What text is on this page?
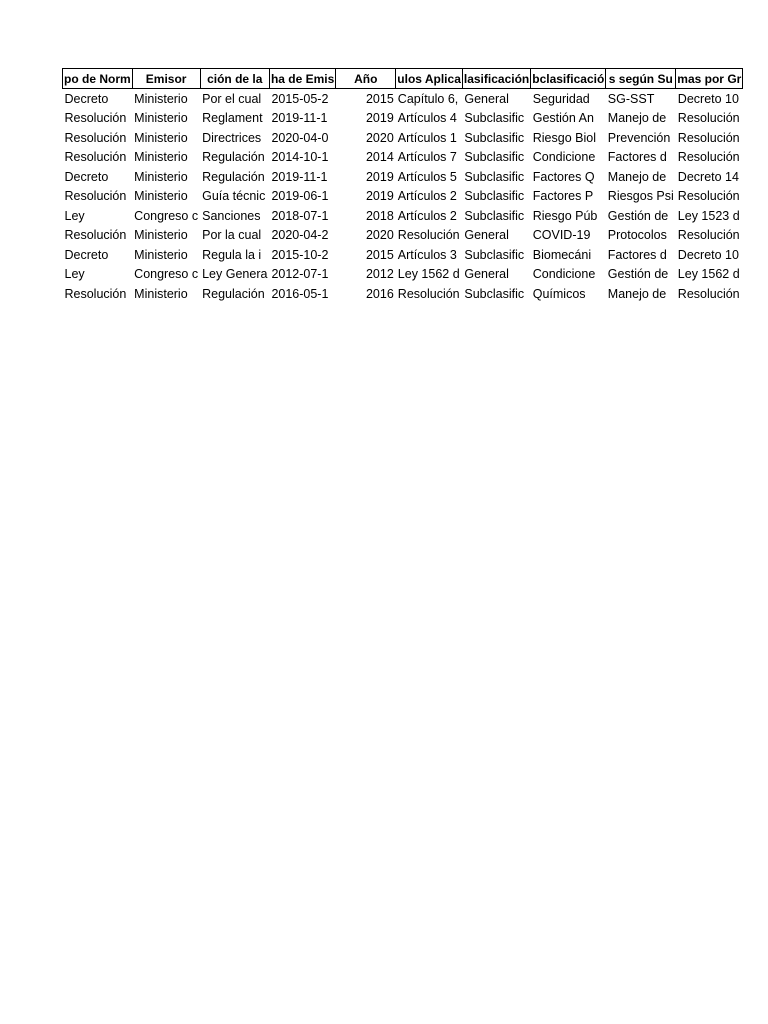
po de Norm	Emisor	ción de la	ha de Emis	Año	ulos Aplica	lasificación	bclasificació	s según Su	mas por Gr
Decreto	Ministerio	Por el cual	2015-05-2	2015	Capítulo 6,	General	Seguridad	SG-SST	Decreto 10
Resolución	Ministerio	Reglament	2019-11-1	2019	Artículos 4	Subclasific	Gestión An	Manejo de	Resolución
Resolución	Ministerio	Directrices	2020-04-0	2020	Artículos 1	Subclasific	Riesgo Biol	Prevención	Resolución
Resolución	Ministerio	Regulación	2014-10-1	2014	Artículos 7	Subclasific	Condicione	Factores d	Resolución
Decreto	Ministerio	Regulación	2019-11-1	2019	Artículos 5	Subclasific	Factores Q	Manejo de	Decreto 14
Resolución	Ministerio	Guía técnic	2019-06-1	2019	Artículos 2	Subclasific	Factores P	Riesgos Psi	Resolución
Ley	Congreso c	Sanciones	2018-07-1	2018	Artículos 2	Subclasific	Riesgo Púb	Gestión de	Ley 1523 d
Resolución	Ministerio	Por la cual	2020-04-2	2020	Resolución	General	COVID-19	Protocolos	Resolución
Decreto	Ministerio	Regula la i	2015-10-2	2015	Artículos 3	Subclasific	Biomecáni	Factores d	Decreto 10
Ley	Congreso c	Ley Genera	2012-07-1	2012	Ley 1562 d	General	Condicione	Gestión de	Ley 1562 d
Resolución	Ministerio	Regulación	2016-05-1	2016	Resolución	Subclasific	Químicos	Manejo de	Resolución
